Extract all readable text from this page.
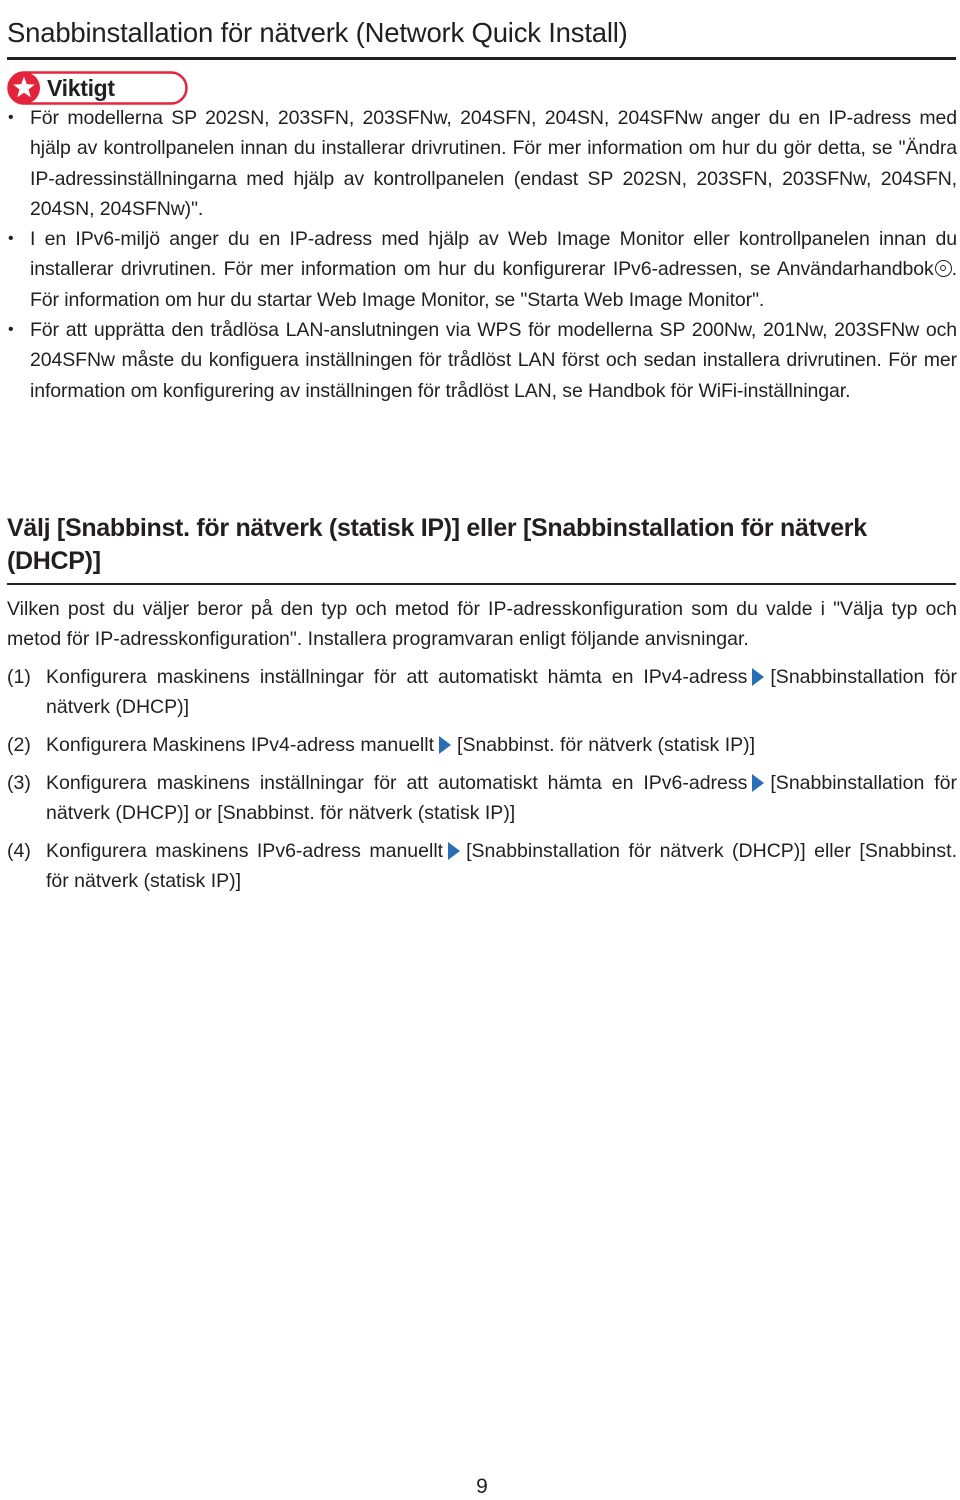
Snabbinstallation för nätverk (Network Quick Install)
Viktigt
• För modellerna SP 202SN, 203SFN, 203SFNw, 204SFN, 204SN, 204SFNw anger du en IP-adress med hjälp av kontrollpanelen innan du installerar drivrutinen. För mer information om hur du gör detta, se "Ändra IP-adressinställningarna med hjälp av kontrollpanelen (endast SP 202SN, 203SFN, 203SFNw, 204SFN, 204SN, 204SFNw)".
• I en IPv6-miljö anger du en IP-adress med hjälp av Web Image Monitor eller kontrollpanelen innan du installerar drivrutinen. För mer information om hur du konfigurerar IPv6-adressen, se Användarhandbok . För information om hur du startar Web Image Monitor, se "Starta Web Image Monitor".
• För att upprätta den trådlösa LAN-anslutningen via WPS för modellerna SP 200Nw, 201Nw, 203SFNw och 204SFNw måste du konfiguera inställningen för trådlöst LAN först och sedan installera drivrutinen. För mer information om konfigurering av inställningen för trådlöst LAN, se Handbok för WiFi-inställningar.
Välj [Snabbinst. för nätverk (statisk IP)] eller [Snabbinstallation för nätverk (DHCP)]

Vilken post du väljer beror på den typ och metod för IP-adresskonfiguration som du valde i "Välja typ och metod för IP-adresskonfiguration". Installera programvaran enligt följande anvisningar.

(1) Konfigurera maskinens inställningar för att automatiskt hämta en IPv4-adress [Snabbinstallation för nätverk (DHCP)]
(2) Konfigurera Maskinens IPv4-adress manuellt [Snabbinst. för nätverk (statisk IP)]
(3) Konfigurera maskinens inställningar för att automatiskt hämta en IPv6-adress [Snabbinstallation för nätverk (DHCP)] or [Snabbinst. för nätverk (statisk IP)]
(4) Konfigurera maskinens IPv6-adress manuellt [Snabbinstallation för nätverk (DHCP)] eller [Snabbinst. för nätverk (statisk IP)]
9
